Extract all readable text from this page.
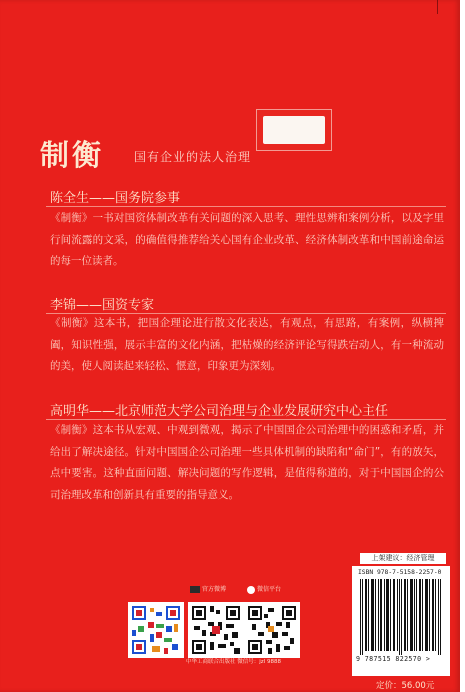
制衡 国有企业的法人治理
陈全生——国务院参事
《制衡》一书对国资体制改革有关问题的深入思考、理性思辨和案例分析，以及字里行间流露的文采，的确值得推荐给关心国有企业改革、经济体制改革和中国前途命运的每一位读者。
李锦——国资专家
《制衡》这本书，把国企理论进行散文化表达，有观点，有思路，有案例，纵横捭阖，知识性强，展示丰富的文化内涵，把枯燥的经济评论写得跌宕动人，有一种流动的美，使人阅读起来轻松、惬意，印象更为深刻。
高明华——北京师范大学公司治理与企业发展研究中心主任
《制衡》这本书从宏观、中观到微观，揭示了中国国企公司治理中的困惑和矛盾，并给出了解决途径。针对中国国企公司治理一些具体机制的缺陷和“命门”，有的放矢，点中要害。这种直面问题、解决问题的写作逻辑，是值得称道的，对于中国国企的公司治理改革和创新具有重要的指导意义。
官方微博	微信平台
中华工商联合出版社 微信号：jzl 9888
上架建议：经济管理
ISBN 978-7-5158-2257-0
9 787515 822570 >
定价：56.00元
